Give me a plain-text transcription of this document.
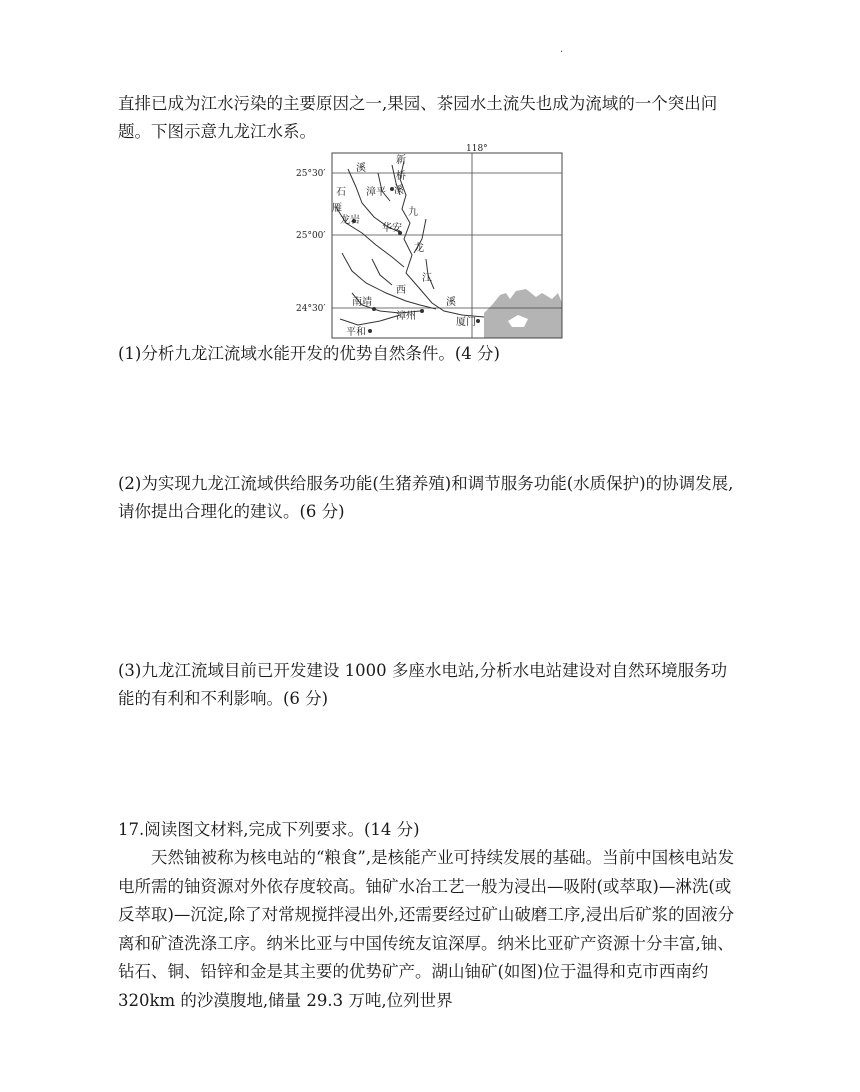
.

直排已成为江水污染的主要原因之一,果园、茶园水土流失也成为流域的一个突出问题。下图示意九龙江水系。

118°
25°30′
25°00′
24°30′
溪
石
雁
新
桥
漳平 溪
龙岩
九
华安
龙
江
西
溪
南靖
漳州
厦门
平和

(1)分析九龙江流域水能开发的优势自然条件。(4 分)

(2)为实现九龙江流域供给服务功能(生猪养殖)和调节服务功能(水质保护)的协调发展,请你提出合理化的建议。(6 分)

(3)九龙江流域目前已开发建设 1000 多座水电站,分析水电站建设对自然环境服务功能的有利和不利影响。(6 分)

17.阅读图文材料,完成下列要求。(14 分)

天然铀被称为核电站的“粮食”,是核能产业可持续发展的基础。当前中国核电站发电所需的铀资源对外依存度较高。铀矿水冶工艺一般为浸出—吸附(或萃取)—淋洗(或反萃取)—沉淀,除了对常规搅拌浸出外,还需要经过矿山破磨工序,浸出后矿浆的固液分离和矿渣洗涤工序。纳米比亚与中国传统友谊深厚。纳米比亚矿产资源十分丰富,铀、钻石、铜、铅锌和金是其主要的优势矿产。湖山铀矿(如图)位于温得和克市西南约 320km 的沙漠腹地,储量 29.3 万吨,位列世界
